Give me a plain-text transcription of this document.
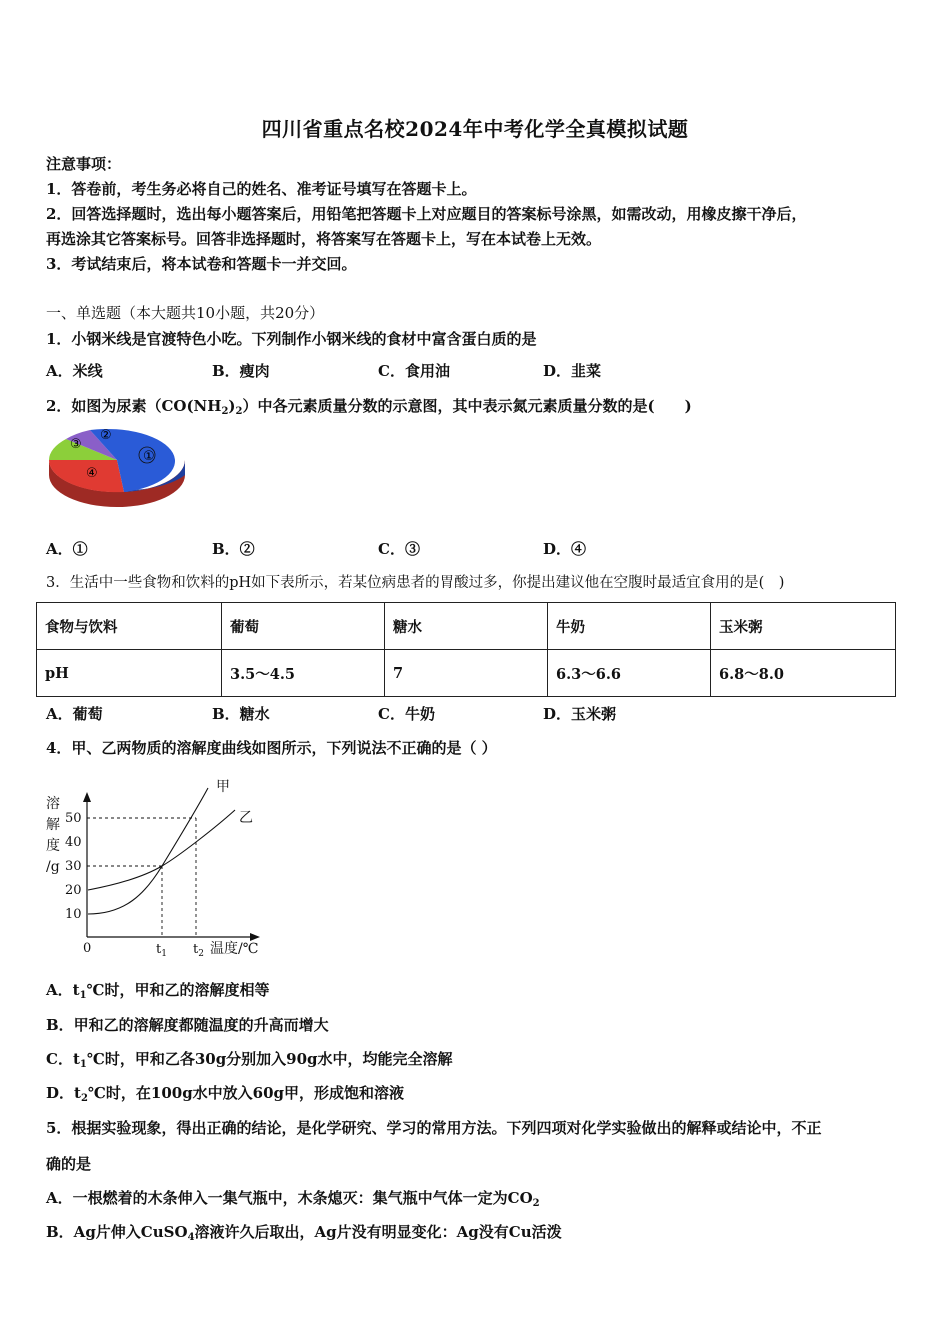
四川省重点名校2024年中考化学全真模拟试题
注意事项：
1．答卷前，考生务必将自己的姓名、准考证号填写在答题卡上。
2．回答选择题时，选出每小题答案后，用铅笔把答题卡上对应题目的答案标号涂黑，如需改动，用橡皮擦干净后，
再选涂其它答案标号。回答非选择题时，将答案写在答题卡上，写在本试卷上无效。
3．考试结束后，将本试卷和答题卡一并交回。
一、单选题（本大题共10小题，共20分）
1．小钢米线是官渡特色小吃。下列制作小钢米线的食材中富含蛋白质的是
A．米线	B．瘦肉	C．食用油	D．韭菜
2．如图为尿素$(CO(NH_2)_2)$中各元素质量分数的示意图，其中表示氮元素质量分数的是(　　)
①
②
③
④
A．①	B．②	C．③	D．④
3．生活中一些食物和饮料的pH如下表所示，若某位病患者的胃酸过多，你提出建议他在空腹时最适宜食用的是(　)
食物与饮料	葡萄	糖水	牛奶	玉米粥
pH	3.5～4.5	7	6.3～6.6	6.8～8.0
A．葡萄	B．糖水	C．牛奶	D．玉米粥
4．甲、乙两物质的溶解度曲线如图所示，下列说法不正确的是（ ）
溶
解
度
/g
10
20
30
40
50
0
甲
乙
$t_1$ $t_2$ 温度/℃
A．$t_1℃$时，甲和乙的溶解度相等
B．甲和乙的溶解度都随温度的升高而增大
C．$t_1℃$时，甲和乙各30g分别加入90g水中，均能完全溶解
D．$t_2℃$时，在100g水中放入60g甲，形成饱和溶液
5．根据实验现象，得出正确的结论，是化学研究、学习的常用方法。下列四项对化学实验做出的解释或结论中，不正
确的是
A．一根燃着的木条伸入一集气瓶中，木条熄灭：集气瓶中气体一定为$CO_2$
B．Ag片伸入CuSO$_4$溶液许久后取出，Ag片没有明显变化：Ag没有Cu活泼
